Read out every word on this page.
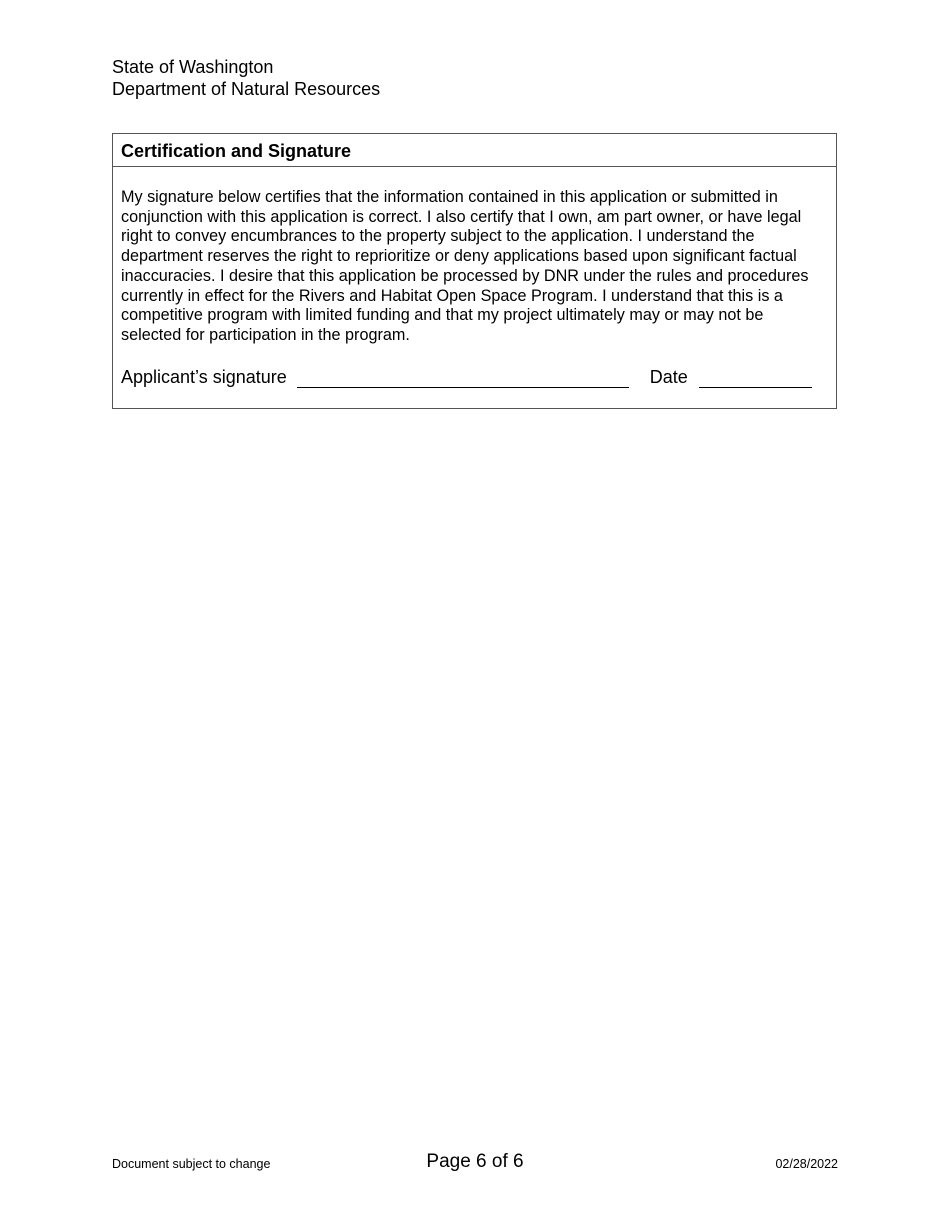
State of Washington
Department of Natural Resources
Certification and Signature
My signature below certifies that the information contained in this application or submitted in conjunction with this application is correct. I also certify that I own, am part owner, or have legal right to convey encumbrances to the property subject to the application. I understand the department reserves the right to reprioritize or deny applications based upon significant factual inaccuracies. I desire that this application be processed by DNR under the rules and procedures currently in effect for the Rivers and Habitat Open Space Program. I understand that this is a competitive program with limited funding and that my project ultimately may or may not be selected for participation in the program.
Applicant’s signature	Date
Document subject to change	Page 6 of 6	02/28/2022
